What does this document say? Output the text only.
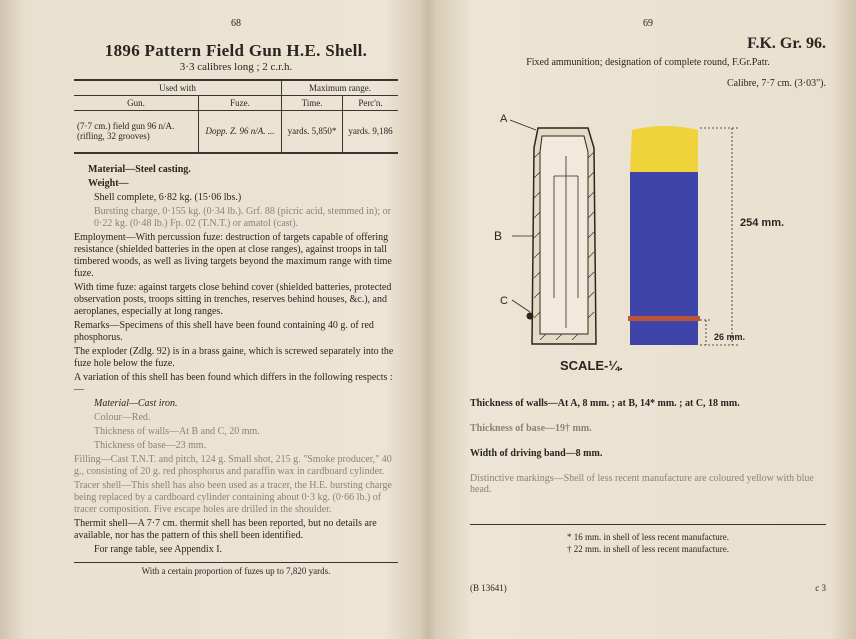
68
1896 Pattern Field Gun H.E. Shell.
3·3 calibres long ; 2 c.r.h.
Used with		Maximum range.	
Gun.	Fuze.	Time.	Perc'n.
(7·7 cm.) field gun 96 n/A. (rifling, 32 grooves)	Dopp. Z. 96 n/A. ...	yards. 5,850*	yards. 9,186

Material—Steel casting.

Weight—

Shell complete, 6·82 kg. (15·06 lbs.)

Bursting charge, 0·155 kg. (0·34 lb.). Grf. 88 (picric acid, stemmed in); or 0·22 kg. (0·48 lb.) Fp. 02 (T.N.T.) or amatol (cast).

Employment—With percussion fuze: destruction of targets capable of offering resistance (shielded batteries in the open at close ranges), against troops in tall timbered woods, as well as living targets beyond the maximum range with time fuze.

With time fuze: against targets close behind cover (shielded batteries, protected observation posts, troops sitting in trenches, reserves behind houses, &c.), and aeroplanes, especially at long ranges.

Remarks—Specimens of this shell have been found containing 40 g. of red phosphorus.

The exploder (Zdlg. 92) is in a brass gaine, which is screwed separately into the fuze hole below the fuze.

A variation of this shell has been found which differs in the following respects :—

Material—Cast iron.

Colour—Red.

Thickness of walls—At B and C, 20 mm.

Thickness of base—23 mm.

Filling—Cast T.N.T. and pitch, 124 g. Small shot, 215 g. "Smoke producer," 40 g., consisting of 20 g. red phosphorus and paraffin wax in cardboard cylinder.

Tracer shell—This shell has also been used as a tracer, the H.E. bursting charge being replaced by a cardboard cylinder containing about 0·3 kg. (0·66 lb.) of tracer composition. Five escape holes are drilled in the shoulder.

Thermit shell—A 7·7 cm. thermit shell has been reported, but no details are available, nor has the pattern of this shell been identified.

For range table, see Appendix I.

With a certain proportion of fuzes up to 7,820 yards.
69
F.K. Gr. 96.
Fixed ammunition; designation of complete round, F.Gr.Patr.
Calibre, 7·7 cm. (3·03").
A
B
C
254 mm.
26 mm.
SCALE-¼.

Thickness of walls—At A, 8 mm. ; at B, 14* mm. ; at C, 18 mm.

Thickness of base—19† mm.

Width of driving band—8 mm.

Distinctive markings—Shell of less recent manufacture are coloured yellow with blue head.

* 16 mm. in shell of less recent manufacture.
† 22 mm. in shell of less recent manufacture.
(B 13641)	c 3
